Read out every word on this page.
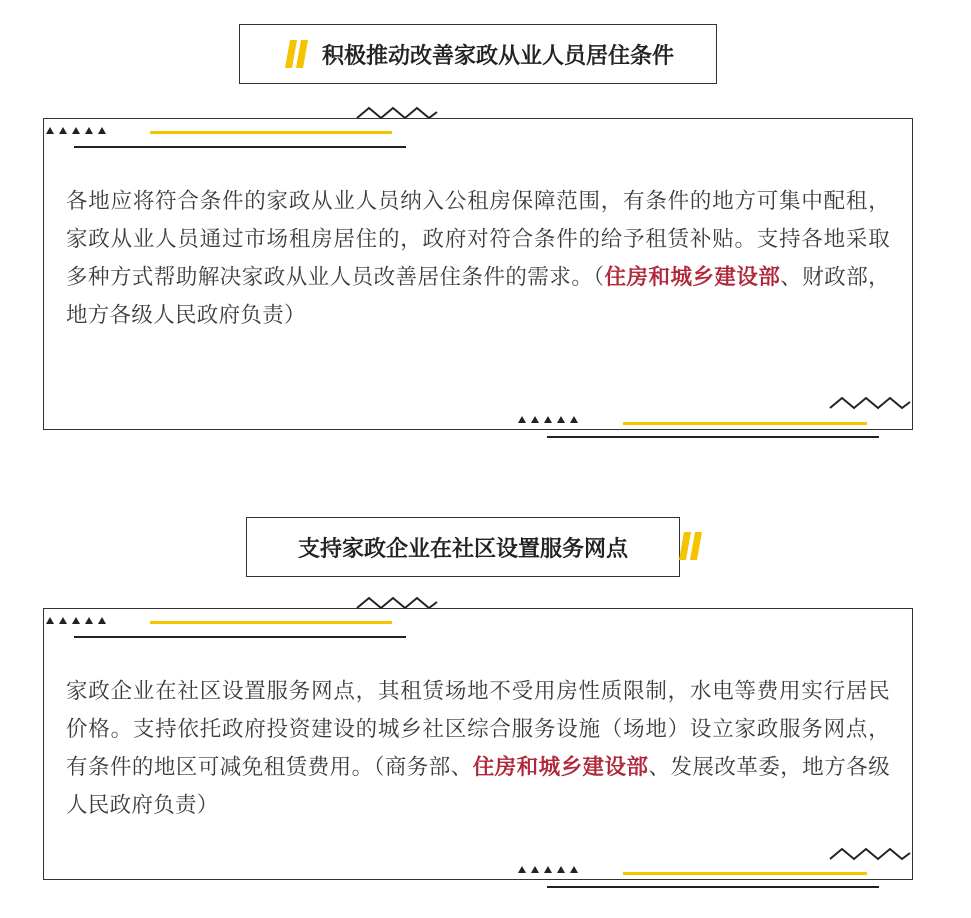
积极推动改善家政从业人员居住条件
各地应将符合条件的家政从业人员纳入公租房保障范围，有条件的地方可集中配租，家政从业人员通过市场租房居住的，政府对符合条件的给予租赁补贴。支持各地采取多种方式帮助解决家政从业人员改善居住条件的需求。（住房和城乡建设部、财政部，地方各级人民政府负责）
支持家政企业在社区设置服务网点
家政企业在社区设置服务网点，其租赁场地不受用房性质限制，水电等费用实行居民价格。支持依托政府投资建设的城乡社区综合服务设施（场地）设立家政服务网点，有条件的地区可减免租赁费用。（商务部、住房和城乡建设部、发展改革委，地方各级人民政府负责）
